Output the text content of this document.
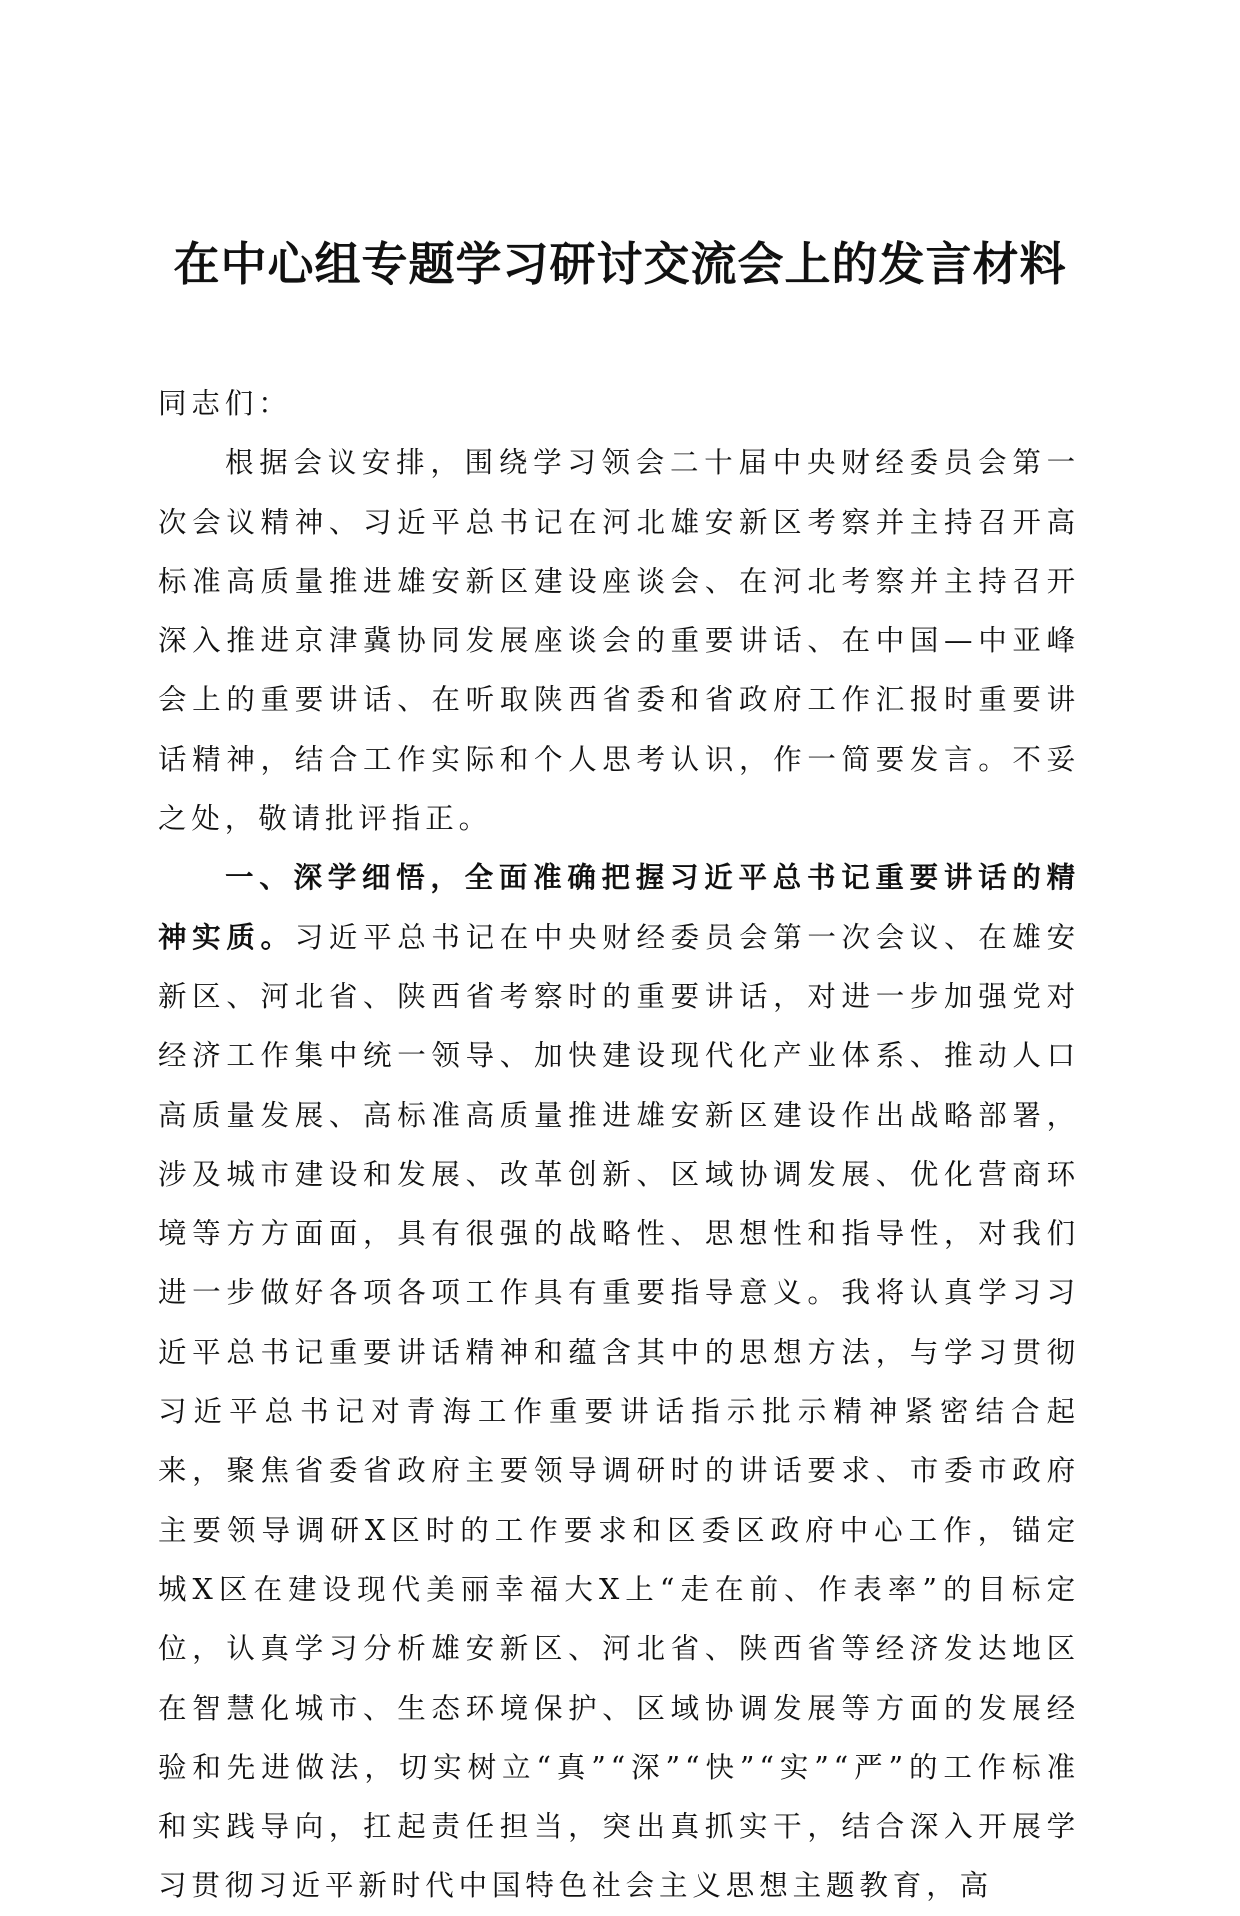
在中心组专题学习研讨交流会上的发言材料

同志们：

根据会议安排，围绕学习领会二十届中央财经委员会第一次会议精神、习近平总书记在河北雄安新区考察并主持召开高标准高质量推进雄安新区建设座谈会、在河北考察并主持召开深入推进京津冀协同发展座谈会的重要讲话、在中国—中亚峰会上的重要讲话、在听取陕西省委和省政府工作汇报时重要讲话精神，结合工作实际和个人思考认识，作一简要发言。不妥之处，敬请批评指正。

一、深学细悟，全面准确把握习近平总书记重要讲话的精神实质。习近平总书记在中央财经委员会第一次会议、在雄安新区、河北省、陕西省考察时的重要讲话，对进一步加强党对经济工作集中统一领导、加快建设现代化产业体系、推动人口高质量发展、高标准高质量推进雄安新区建设作出战略部署，涉及城市建设和发展、改革创新、区域协调发展、优化营商环境等方方面面，具有很强的战略性、思想性和指导性，对我们进一步做好各项各项工作具有重要指导意义。我将认真学习习近平总书记重要讲话精神和蕴含其中的思想方法，与学习贯彻习近平总书记对青海工作重要讲话指示批示精神紧密结合起来，聚焦省委省政府主要领导调研时的讲话要求、市委市政府主要领导调研X区时的工作要求和区委区政府中心工作，锚定城X区在建设现代美丽幸福大X上“走在前、作表率”的目标定位，认真学习分析雄安新区、河北省、陕西省等经济发达地区在智慧化城市、生态环境保护、区域协调发展等方面的发展经验和先进做法，切实树立“真”“深”“快”“实”“严”的工作标准和实践导向，扛起责任担当，突出真抓实干，结合深入开展学习贯彻习近平新时代中国特色社会主义思想主题教育，高
